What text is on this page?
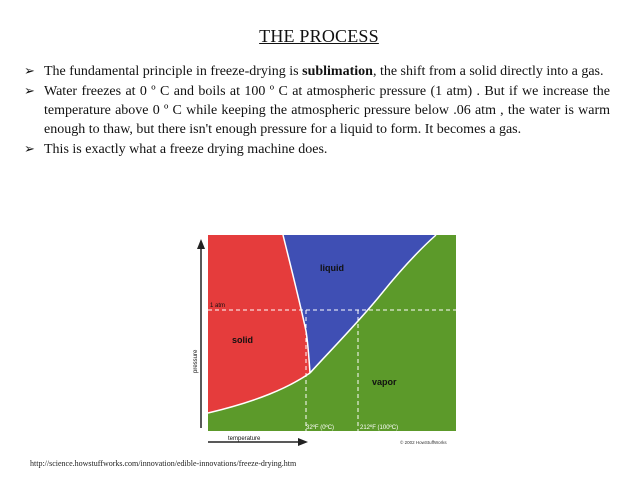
THE PROCESS
➢ The fundamental principle in freeze-drying is sublimation, the shift from a solid directly into a gas.
➢ Water freezes at 0 º C and boils at 100 º C at atmospheric pressure (1 atm) . But if we increase the temperature above 0 º C while keeping the atmospheric pressure below .06 atm , the water is warm enough to thaw, but there isn't enough pressure for a liquid to form. It becomes a gas.
➢ This is exactly what a freeze drying machine does.
liquid
solid
vapor
1 atm
pressure
temperature
32ºF (0ºC)	212ºF (100ºC)
© 2002 HowStuffWorks
http://science.howstuffworks.com/innovation/edible-innovations/freeze-drying.htm
